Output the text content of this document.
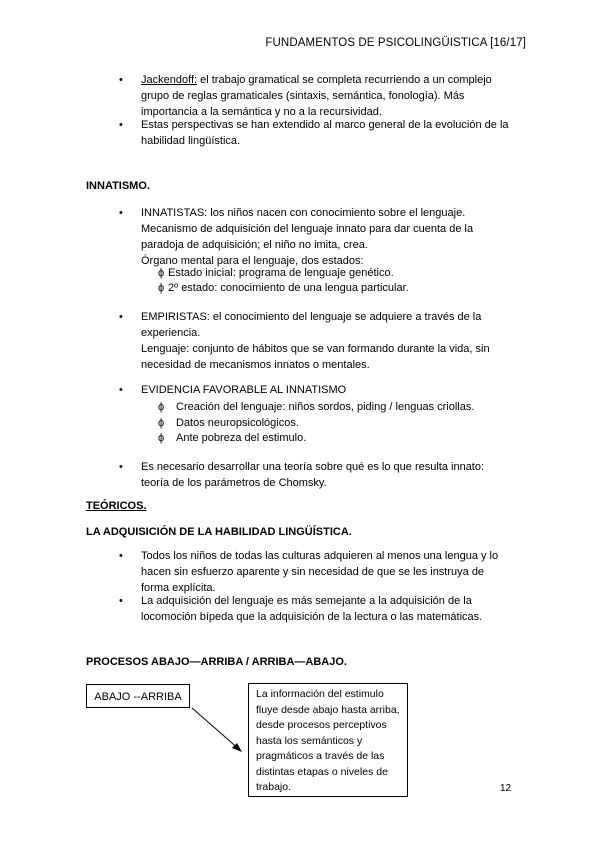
FUNDAMENTOS DE PSICOLINGÜISTICA [16/17]
• Jackendoff: el trabajo gramatical se completa recurriendo a un complejo
grupo de reglas gramaticales (sintaxis, semántica, fonología). Más
importancia a la semántica y no a la recursividad.
• Estas perspectivas se han extendido al marco general de la evolución de la
habilidad lingüística.
INNATISMO.
• INNATISTAS: los niños nacen con conocimiento sobre el lenguaje.
Mecanismo de adquisición del lenguaje innato para dar cuenta de la
paradoja de adquisición; el niño no imita, crea.
Órgano mental para el lenguaje, dos estados:
ϕ Estado inicial: programa de lenguaje genético.
ϕ 2º estado: conocimiento de una lengua particular.
• EMPIRISTAS: el conocimiento del lenguaje se adquiere a través de la
experiencia.
Lenguaje: conjunto de hábitos que se van formando durante la vida, sin
necesidad de mecanismos innatos o mentales.
• EVIDENCIA FAVORABLE AL INNATISMO
ϕ Creación del lenguaje: niños sordos, piding / lenguas criollas.
ϕ Datos neuropsicológicos.
ϕ Ante pobreza del estimulo.
• Es necesario desarrollar una teoría sobre qué es lo que resulta innato:
teoría de los parámetros de Chomsky.
TEÓRICOS.
LA ADQUISICIÓN DE LA HABILIDAD LINGÜÍSTICA.
• Todos los niños de todas las culturas adquieren al menos una lengua y lo
hacen sin esfuerzo aparente y sin necesidad de que se les instruya de
forma explícita.
• La adquisición del lenguaje es más semejante a la adquisición de la
locomoción bípeda que la adquisición de la lectura o las matemáticas.
PROCESOS ABAJO—ARRIBA / ARRIBA—ABAJO.
ABAJO --ARRIBA	La información del estimulo
fluye desde abajo hasta arriba,
desde procesos perceptivos
hasta los semánticos y
pragmáticos a través de las
distintas etapas o niveles de
trabajo.	12
